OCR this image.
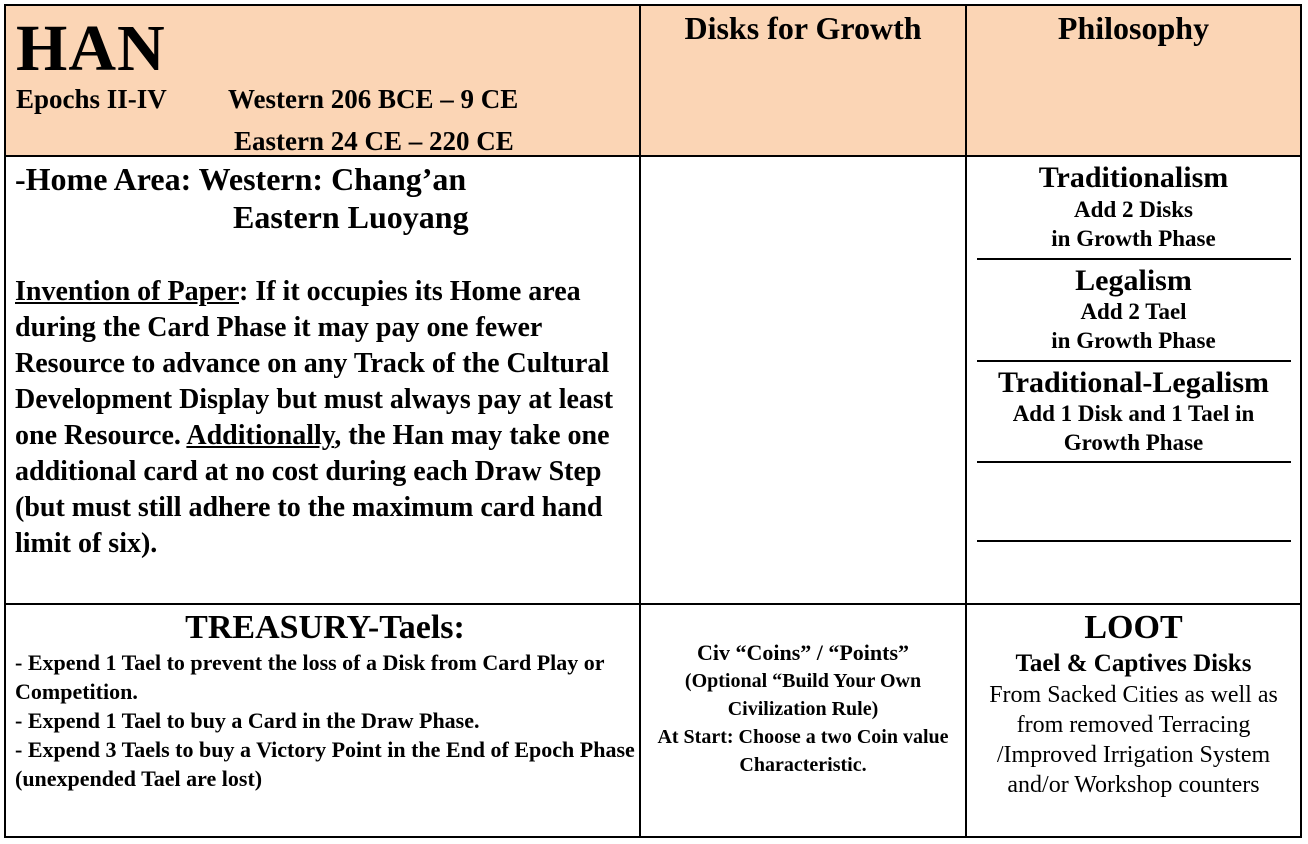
HAN
Epochs II-IV Western 206 BCE – 9 CE
Eastern 24 CE – 220 CE
Disks for Growth	Philosophy
-Home Area: Western: Chang’an
Eastern Luoyang
Invention of Paper: If it occupies its Home area during the Card Phase it may pay one fewer Resource to advance on any Track of the Cultural Development Display but must always pay at least one Resource. Additionally, the Han may take one additional card at no cost during each Draw Step (but must still adhere to the maximum card hand limit of six).
Traditionalism
Add 2 Disks
in Growth Phase
Legalism
Add 2 Tael
in Growth Phase
Traditional-Legalism
Add 1 Disk and 1 Tael in
Growth Phase
TREASURY-Taels:
- Expend 1 Tael to prevent the loss of a Disk from Card Play or Competition.
- Expend 1 Tael to buy a Card in the Draw Phase.
- Expend 3 Taels to buy a Victory Point in the End of Epoch Phase (unexpended Tael are lost)
Civ “Coins” / “Points”
(Optional “Build Your Own Civilization Rule)
At Start: Choose a two Coin value Characteristic.
LOOT
Tael & Captives Disks
From Sacked Cities as well as from removed Terracing /Improved Irrigation System and/or Workshop counters
